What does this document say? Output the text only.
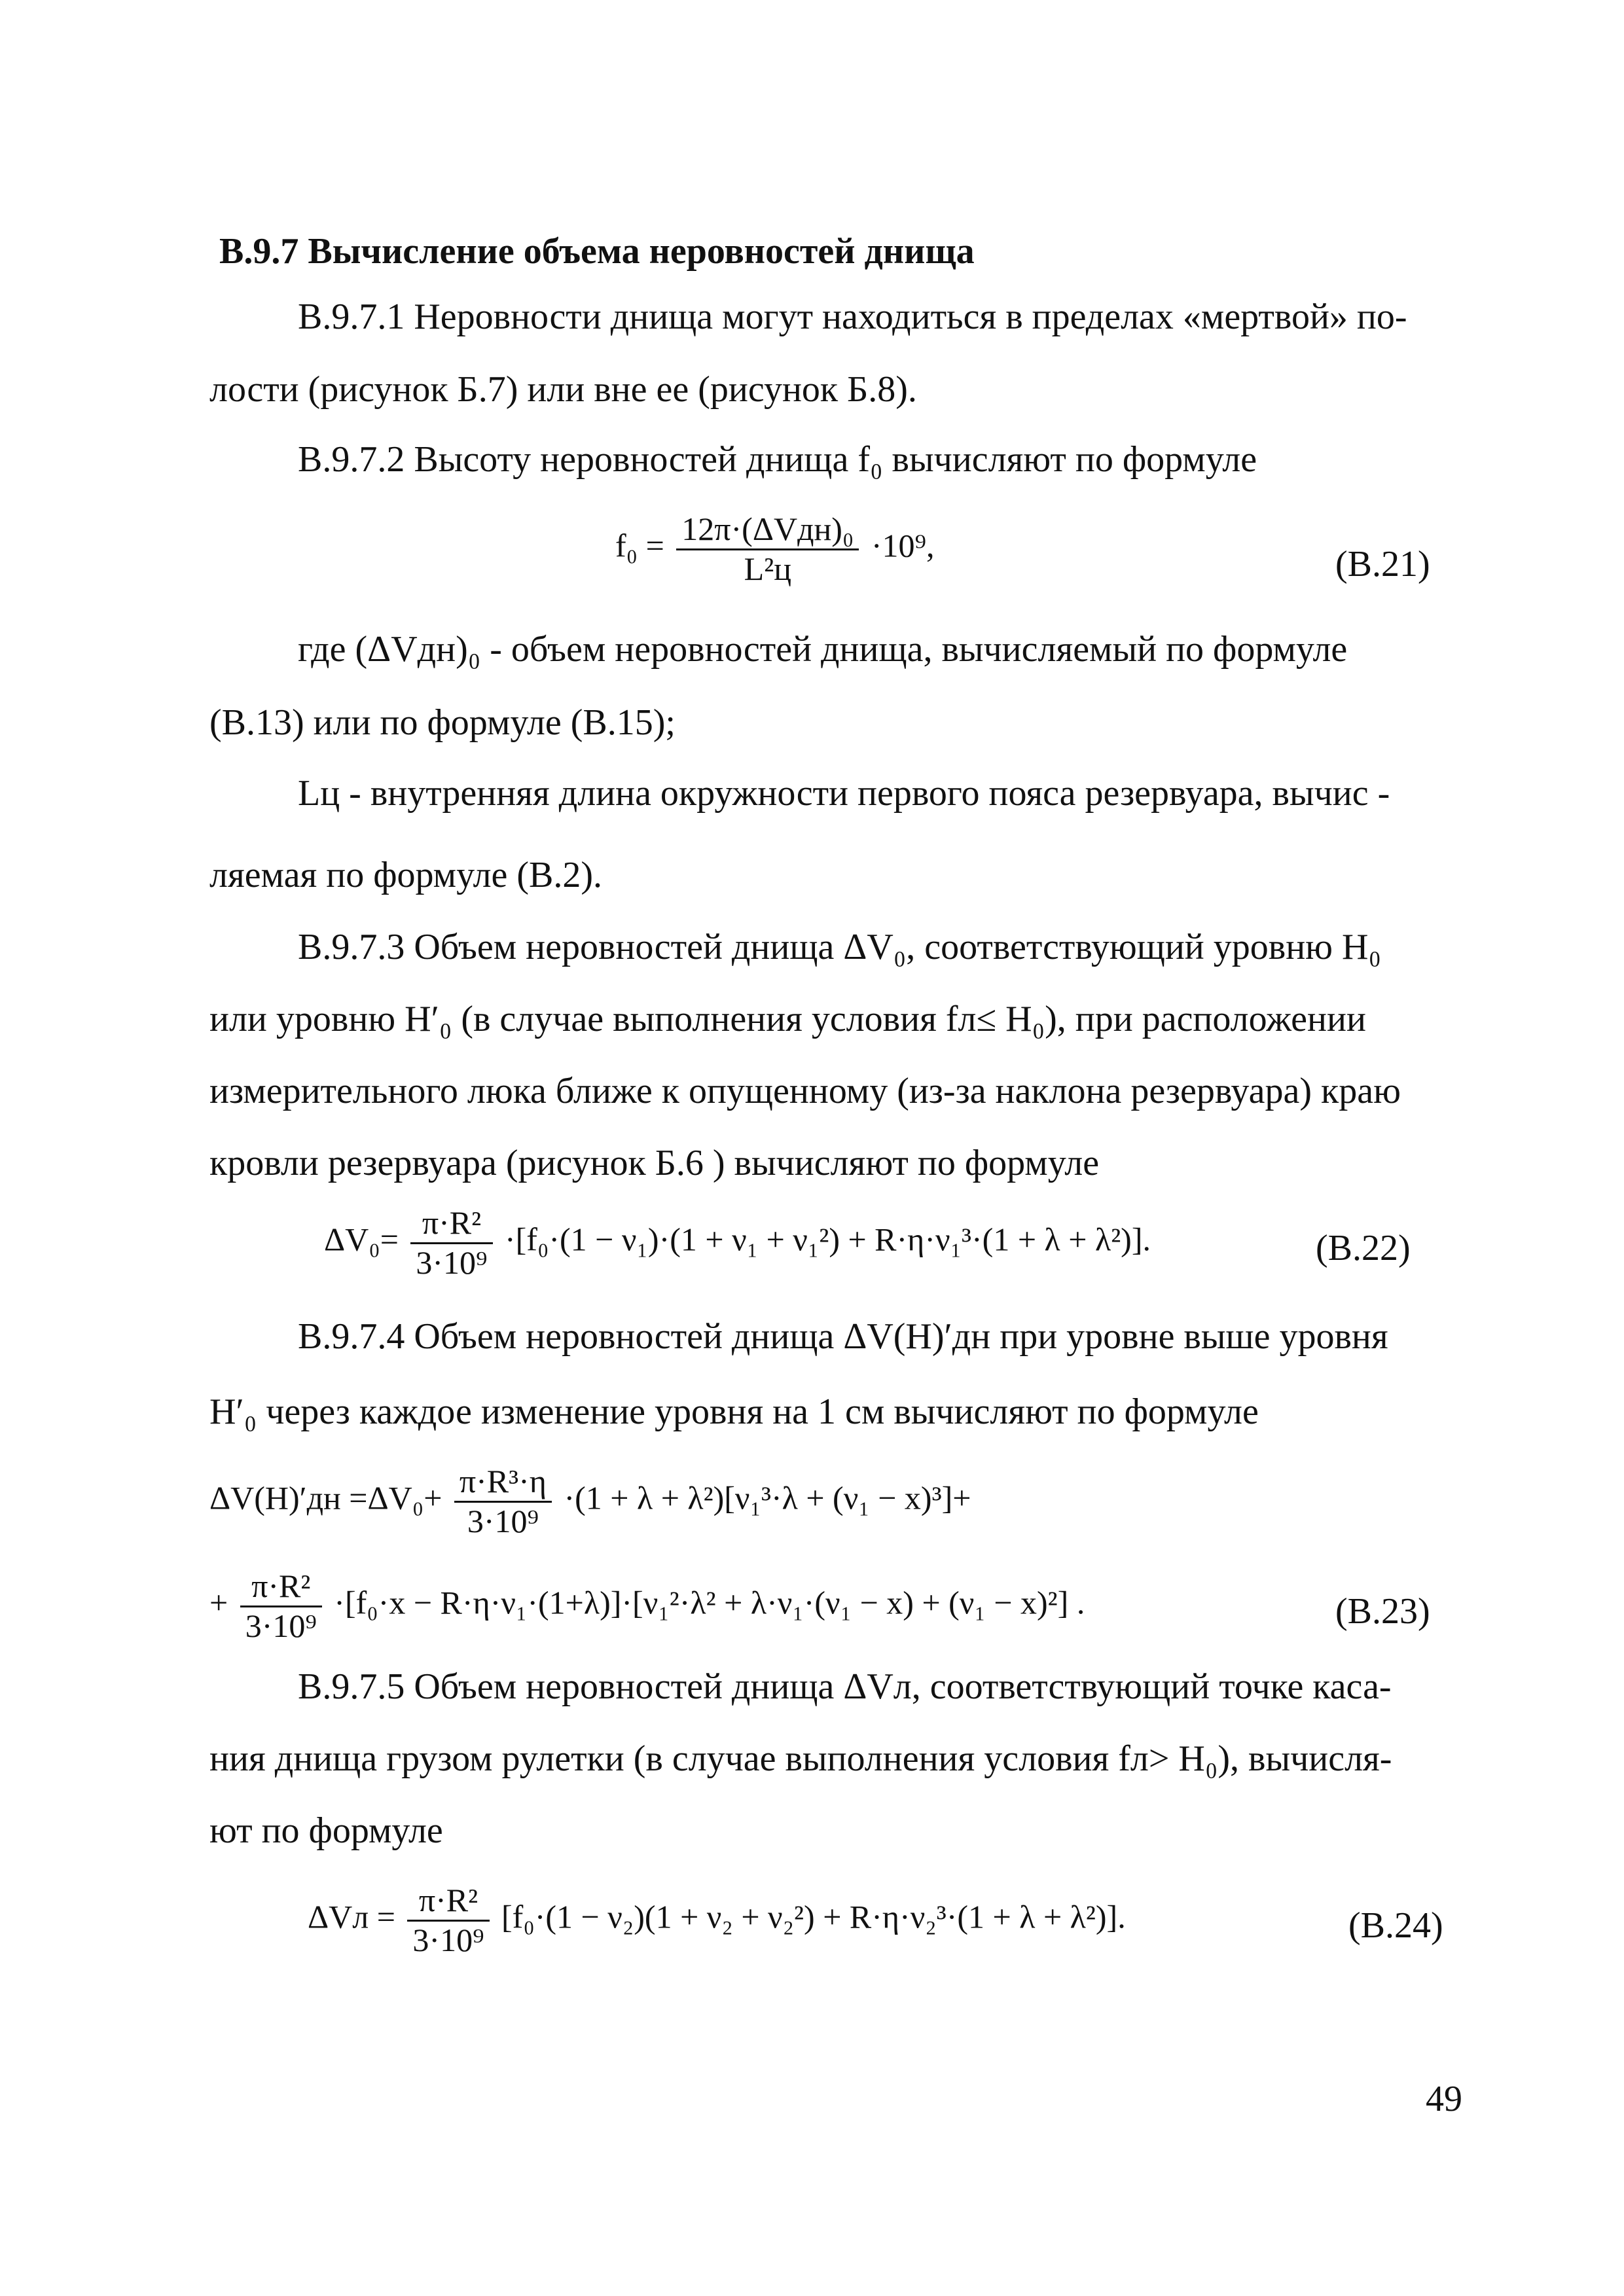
В.9.7 Вычисление объема неровностей днища
В.9.7.1 Неровности днища могут находиться в пределах «мертвой» по-
лости (рисунок Б.7) или вне ее (рисунок Б.8).
В.9.7.2 Высоту неровностей днища f₀ вычисляют по формуле
$f_0 = \frac{\text{12π·(ΔVдн)₀}}{\text{L²ц}} \cdot 10^9$,	(В.21)
где (ΔVдн)₀ - объем неровностей днища, вычисляемый по формуле
(В.13) или по формуле (В.15);
Lц - внутренняя длина окружности первого пояса резервуара, вычис -
ляемая по формуле (В.2).
В.9.7.3 Объем неровностей днища ΔV₀, соответствующий уровню H₀
или уровню H′₀ (в случае выполнения условия fл≤ H₀), при расположении
измерительного люка ближе к опущенному (из-за наклона резервуара) краю
кровли резервуара (рисунок Б.6 ) вычисляют по формуле
$\Delta V_0= \frac{\text{π·R²}}{\text{3·10⁹}} \cdot[f_0\cdot(1 - \nu_1)\cdot(1 + \nu_1 + \nu_1^2) + R\cdot\eta\cdot\nu_1^3\cdot(1 + \lambda + \lambda^2)]$.	(В.22)
В.9.7.4 Объем неровностей днища ΔV(H)′дн при уровне выше уровня
H′₀ через каждое изменение уровня на 1 см вычисляют по формуле
$\Delta V(H)'дн =\Delta V_0+ \frac{\text{π·R³·η}}{\text{3·10⁹}} \cdot(1 + \lambda + \lambda^2)[\nu_1^3\cdot\lambda + (\nu_1 - x)^3]+$
+ $\frac{\text{π·R²}}{\text{3·10⁹}} \cdot[f_0\cdot x - R\cdot\eta\cdot\nu_1\cdot(1+\lambda)]\cdot[\nu_1^2\cdot\lambda^2 + \lambda\cdot\nu_1\cdot(\nu_1 - x) + (\nu_1 - x)^2]$ .	(В.23)
В.9.7.5 Объем неровностей днища ΔVл, соответствующий точке каса-
ния днища грузом рулетки (в случае выполнения условия fл> H₀), вычисля-
ют по формуле
$\Delta Vл = \frac{\text{π·R²}}{\text{3·10⁹}} [f_0\cdot(1 - \nu_2)(1 + \nu_2 + \nu_2^2) + R\cdot\eta\cdot\nu_2^3\cdot(1 + \lambda + \lambda^2)]$.	(В.24)
49
